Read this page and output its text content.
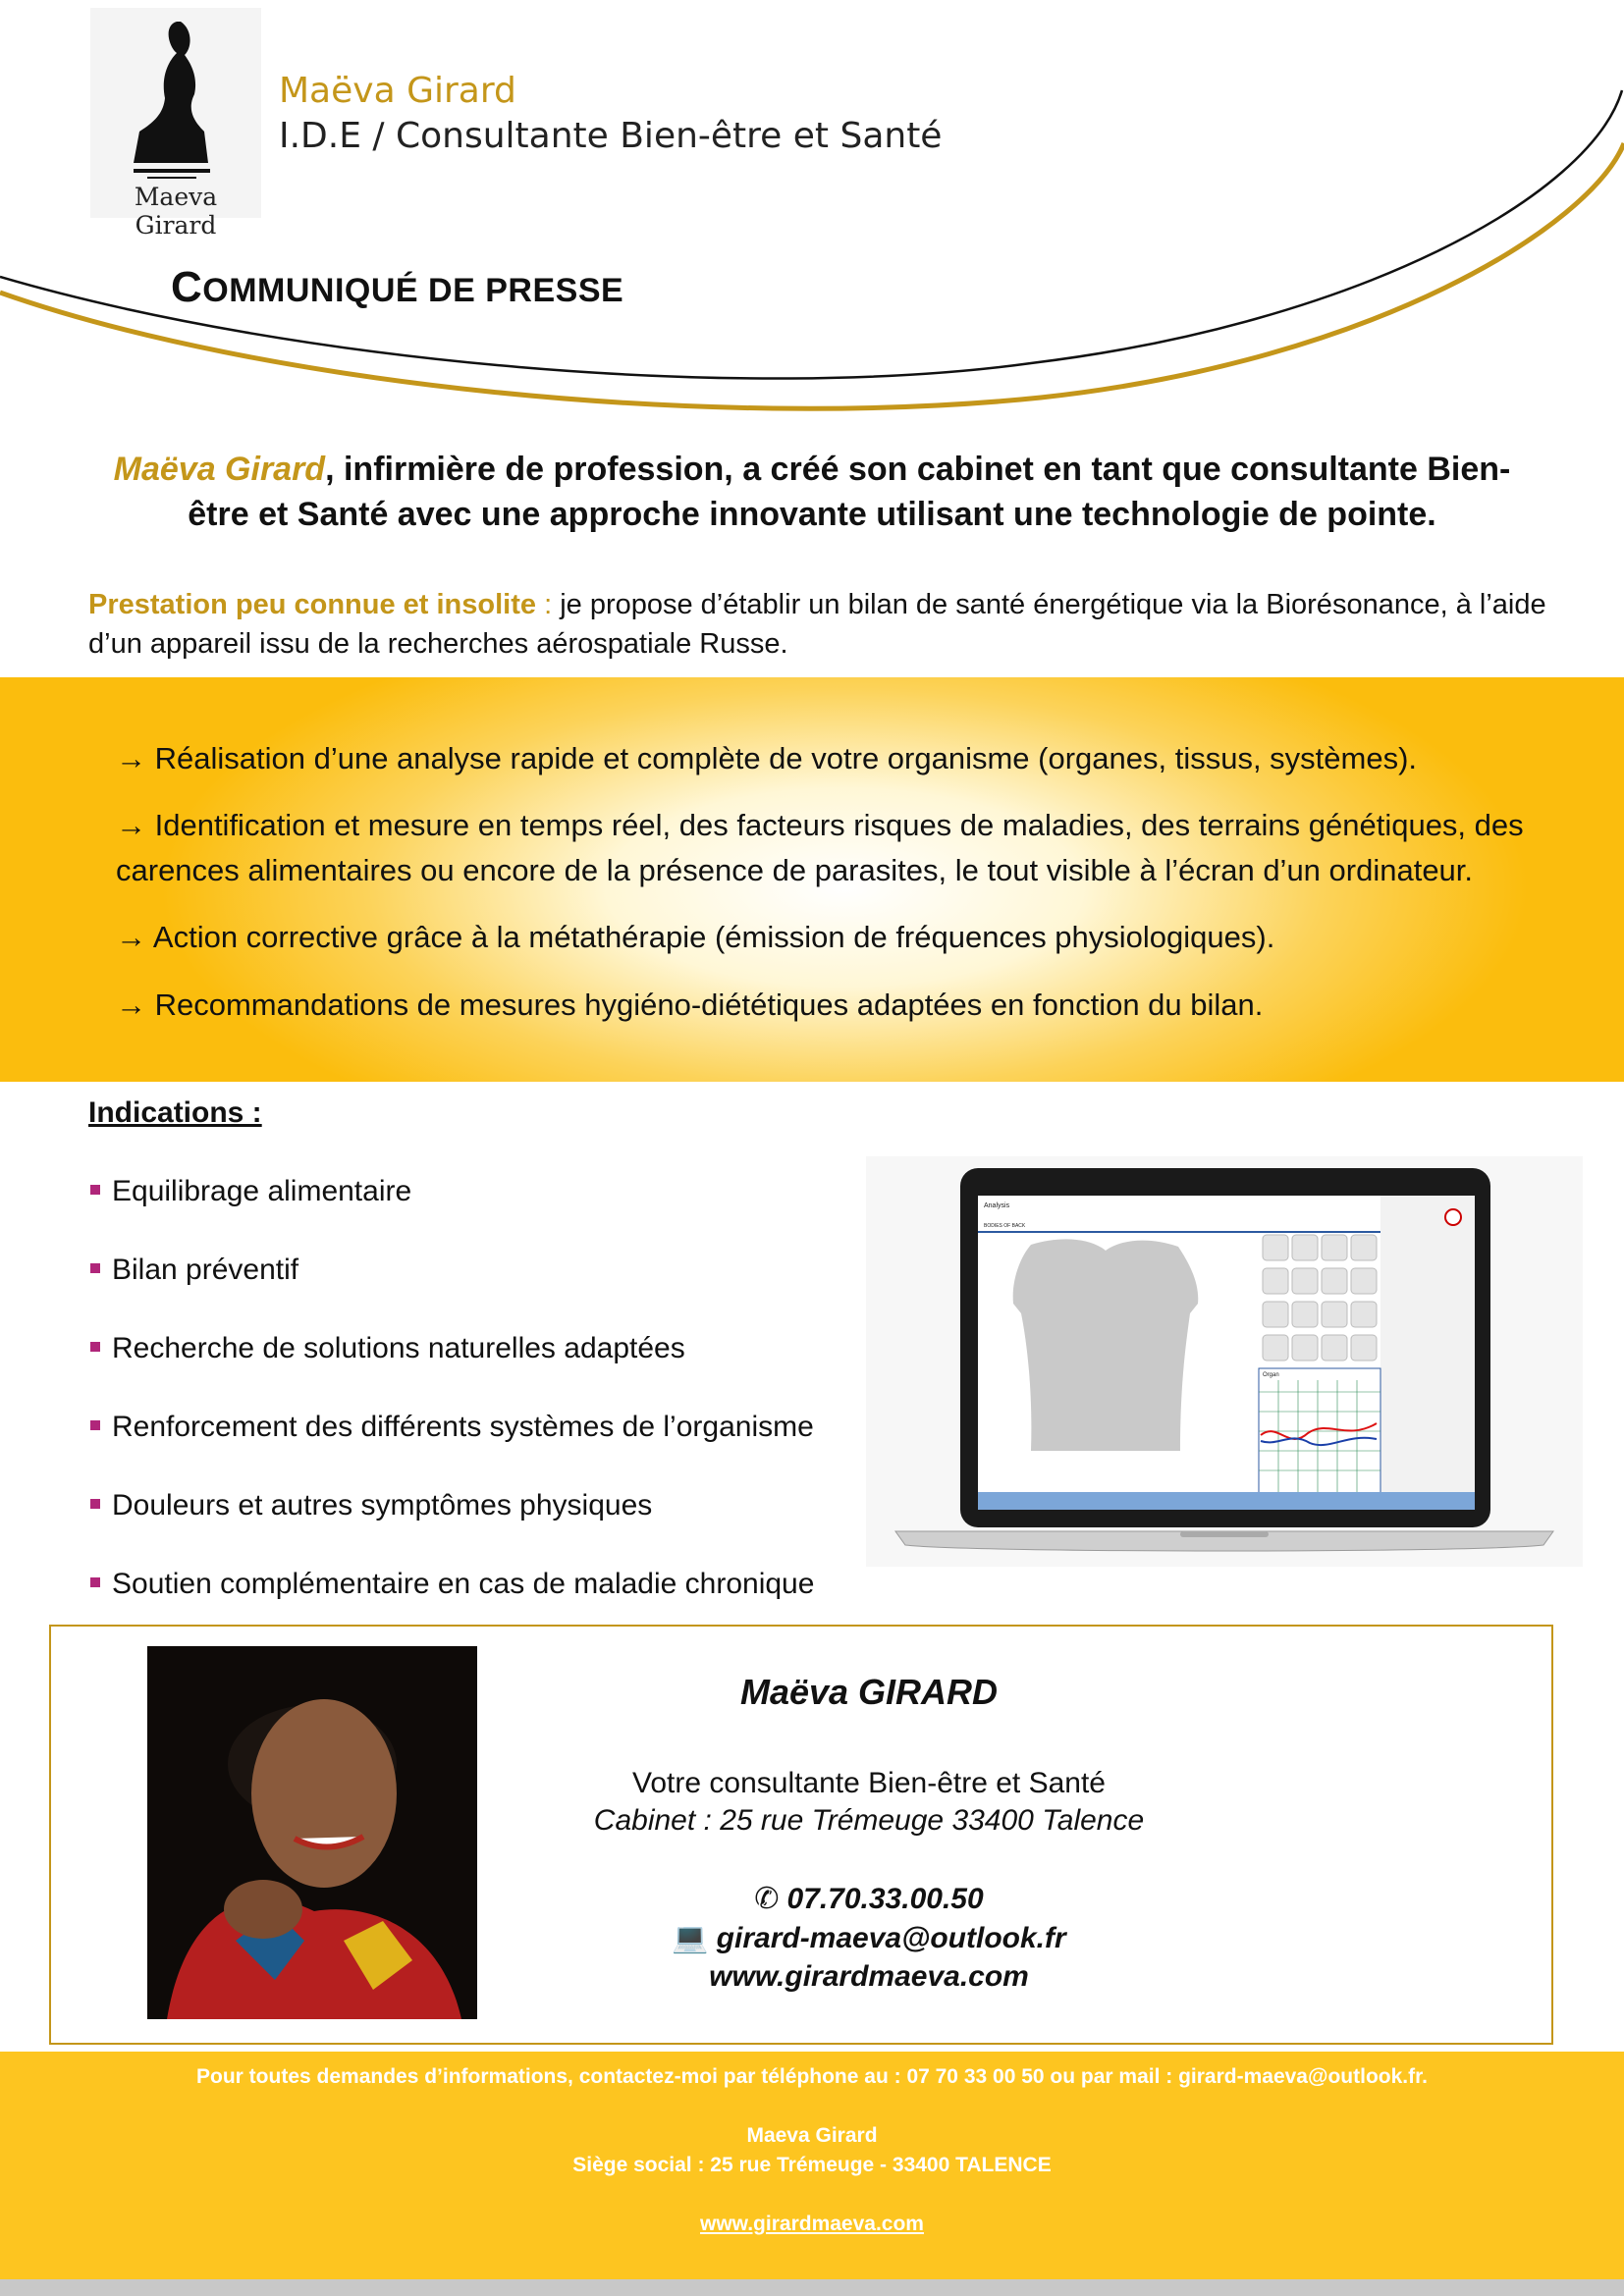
Maeva Girard
Maëva Girard
I.D.E / Consultante Bien-être et Santé
COMMUNIQUÉ DE PRESSE
Maëva Girard, infirmière de profession, a créé son cabinet en tant que consultante Bien-être et Santé avec une approche innovante utilisant une technologie de pointe.
Prestation peu connue et insolite : je propose d’établir un bilan de santé énergétique via la Biorésonance, à l’aide d’un appareil issu de la recherches aérospatiale Russe.
→ Réalisation d’une analyse rapide et complète de votre organisme (organes, tissus, systèmes).
→ Identification et mesure en temps réel, des facteurs risques de maladies, des terrains génétiques, des carences alimentaires ou encore de la présence de parasites, le tout visible à l’écran d’un ordinateur.
→ Action corrective grâce à la métathérapie (émission de fréquences physiologiques).
→ Recommandations de mesures hygiéno-diététiques adaptées en fonction du bilan.
Indications :
Equilibrage alimentaire
Bilan préventif
Recherche de solutions naturelles adaptées
Renforcement des différents systèmes de l’organisme
Douleurs et autres symptômes physiques
Soutien complémentaire en cas de maladie chronique
Analysis
BODIES OF BACK
Organ
Maëva GIRARD
Votre consultante Bien-être et Santé
Cabinet : 25 rue Trémeuge 33400 Talence
✆ 07.70.33.00.50
💻 girard-maeva@outlook.fr
www.girardmaeva.com
Pour toutes demandes d’informations, contactez-moi par téléphone au : 07 70 33 00 50 ou par mail : girard-maeva@outlook.fr.
Maeva Girard
Siège social : 25 rue Trémeuge - 33400 TALENCE
www.girardmaeva.com
